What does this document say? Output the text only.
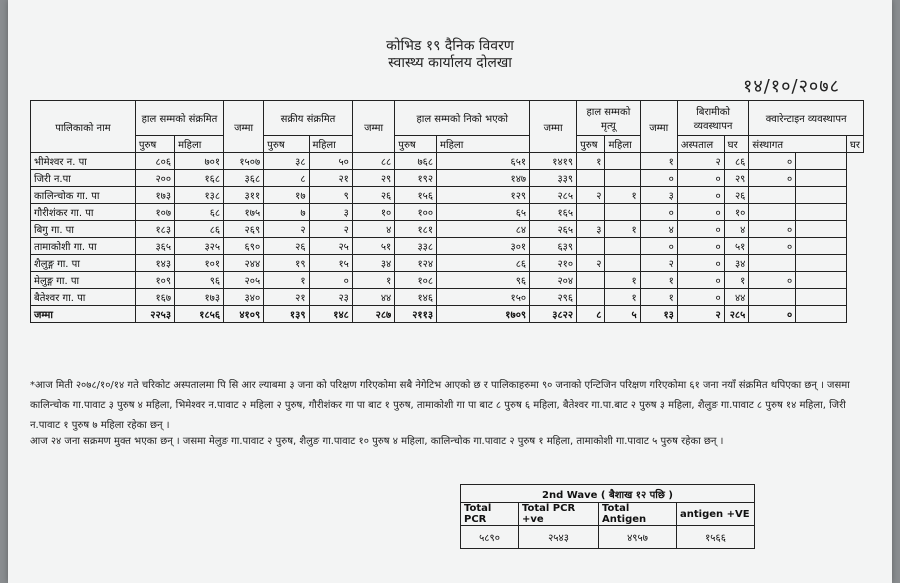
कोभिड १९ दैनिक विवरण
स्वास्थ्य कार्यालय दोलखा
१४/१०/२०७८
पालिकाको नाम	हाल सम्मको संक्रमित		जम्मा	सक्रीय संक्रमित		जम्मा	हाल सम्मको निको भएको		जम्मा	हाल सम्मको मृत्यू		जम्मा	बिरामीको व्यवस्थापन		क्वारेन्टाइन व्यवस्थापन		
	पुरुष	महिला		पुरुष	महिला		पुरुष	महिला		पुरुष	महिला		अस्पताल	घर	संस्थागत		घर
भीमेश्वर न. पा	८०६	७०१	१५०७	३८	५०	८८	७६८	६५१	१४१९	१		१	२	८६	०		
जिरी न.पा	२००	१६८	३६८	८	२१	२९	१९२	१४७	३३९			०	०	२९	०		
कालिन्चोक गा. पा	१७३	१३८	३११	१७	९	२६	१५६	१२९	२८५	२	१	३	०	२६			
गौरीशंकर गा. पा	१०७	६८	१७५	७	३	१०	१००	६५	१६५			०	०	१०			
बिगु गा. पा	१८३	८६	२६९	२	२	४	१८१	८४	२६५	३	१	४	०	४	०		
तामाकोशी गा. पा	३६५	३२५	६९०	२६	२५	५१	३३८	३०१	६३९			०	०	५१	०		
शैलुङ्ग गा. पा	१४३	१०१	२४४	१९	१५	३४	१२४	८६	२१०	२		२	०	३४			
मेलुङ्ग गा. पा	१०९	९६	२०५	१	०	१	१०८	९६	२०४		१	१	०	१	०		
बैतेश्वर गा. पा	१६७	१७३	३४०	२१	२३	४४	१४६	१५०	२९६		१	१	०	४४			
जम्मा	२२५३	१८५६	४१०९	१३९	१४८	२८७	२११३	१७०९	३८२२	८	५	१३	२	२८५	०		
*आज मिती २०७८/१०/१४ गते चरिकोट अस्पतालमा पि सि आर ल्याबमा ३ जना को परिक्षण गरिएकोमा सबै नेगेटिभ आएको छ र पालिकाहरुमा ९० जनाको एन्टिजिन परिक्षण गरिएकोमा ६१ जना नयाँ संक्रमित थपिएका छन् । जसमा कालिन्चोक गा.पावाट ३ पुरुष ४ महिला, भिमेश्वर न.पावाट २ महिला २ पुरुष, गौरीशंकर गा पा बाट १ पुरुष, तामाकोशी गा पा बाट ८ पुरुष ६ महिला, बैतेश्वर गा.पा.बाट २ पुरुष ३ महिला, शैलुङ गा.पावाट ८ पुरुष १४ महिला, जिरी न.पावाट १ पुरुष ७ महिला रहेका छन् ।
आज २४ जना सक्रमण मुक्त भएका छन् । जसमा मेलुङ गा.पावाट २ पुरुष, शैलुङ गा.पावाट १० पुरुष ४ महिला, कालिन्चोक गा.पावाट २ पुरुष १ महिला, तामाकोशी गा.पावाट ५ पुरुष रहेका छन् ।
2nd Wave ( बैशाख १२ पछि )			
Total PCR	Total PCR +ve	Total Antigen	antigen +VE
५८९०	२५४३	४९५७	१५६६
